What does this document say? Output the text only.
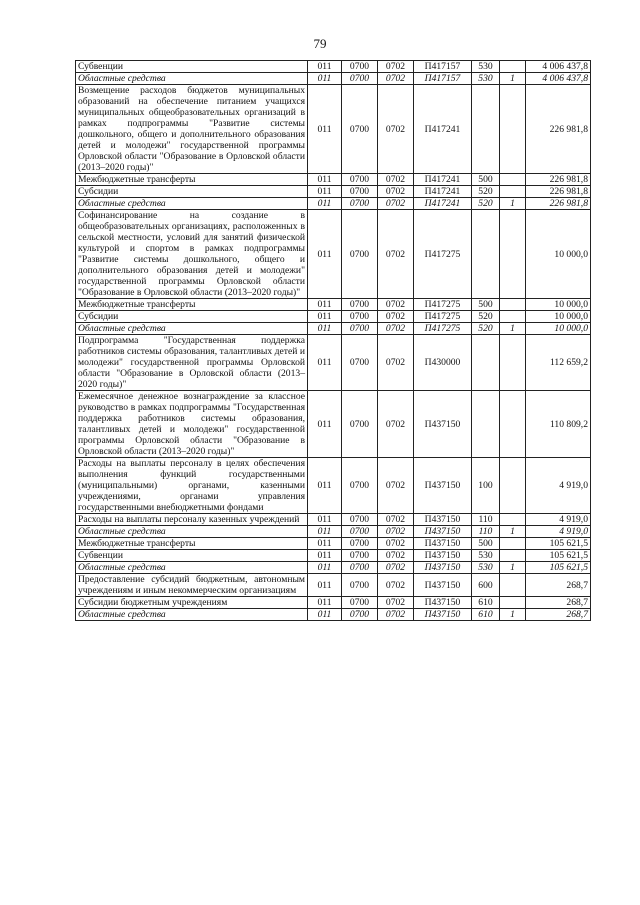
79
Субвенции	011	0700	0702	П417157	530		4 006 437,8
Областные средства	011	0700	0702	П417157	530	1	4 006 437,8
Возмещение расходов бюджетов муниципальных образований на обеспечение питанием учащихся муниципальных общеобразовательных организаций в рамках подпрограммы "Развитие системы дошкольного, общего и дополнительного образования детей и молодежи" государственной программы Орловской области "Образование в Орловской области (2013–2020 годы)"	011	0700	0702	П417241			226 981,8
Межбюджетные трансферты	011	0700	0702	П417241	500		226 981,8
Субсидии	011	0700	0702	П417241	520		226 981,8
Областные средства	011	0700	0702	П417241	520	1	226 981,8
Софинансирование на создание в общеобразовательных организациях, расположенных в сельской местности, условий для занятий физической культурой и спортом в рамках подпрограммы "Развитие системы дошкольного, общего и дополнительного образования детей и молодежи" государственной программы Орловской области "Образование в Орловской области (2013–2020 годы)"	011	0700	0702	П417275			10 000,0
Межбюджетные трансферты	011	0700	0702	П417275	500		10 000,0
Субсидии	011	0700	0702	П417275	520		10 000,0
Областные средства	011	0700	0702	П417275	520	1	10 000,0
Подпрограмма "Государственная поддержка работников системы образования, талантливых детей и молодежи" государственной программы Орловской области "Образование в Орловской области (2013–2020 годы)"	011	0700	0702	П430000			112 659,2
Ежемесячное денежное вознаграждение за классное руководство в рамках подпрограммы "Государственная поддержка работников системы образования, талантливых детей и молодежи" государственной программы Орловской области "Образование в Орловской области (2013–2020 годы)"	011	0700	0702	П437150			110 809,2
Расходы на выплаты персоналу в целях обеспечения выполнения функций государственными (муниципальными) органами, казенными учреждениями, органами управления государственными внебюджетными фондами	011	0700	0702	П437150	100		4 919,0
Расходы на выплаты персоналу казенных учреждений	011	0700	0702	П437150	110		4 919,0
Областные средства	011	0700	0702	П437150	110	1	4 919,0
Межбюджетные трансферты	011	0700	0702	П437150	500		105 621,5
Субвенции	011	0700	0702	П437150	530		105 621,5
Областные средства	011	0700	0702	П437150	530	1	105 621,5
Предоставление субсидий бюджетным, автономным учреждениям и иным некоммерческим организациям	011	0700	0702	П437150	600		268,7
Субсидии бюджетным учреждениям	011	0700	0702	П437150	610		268,7
Областные средства	011	0700	0702	П437150	610	1	268,7
